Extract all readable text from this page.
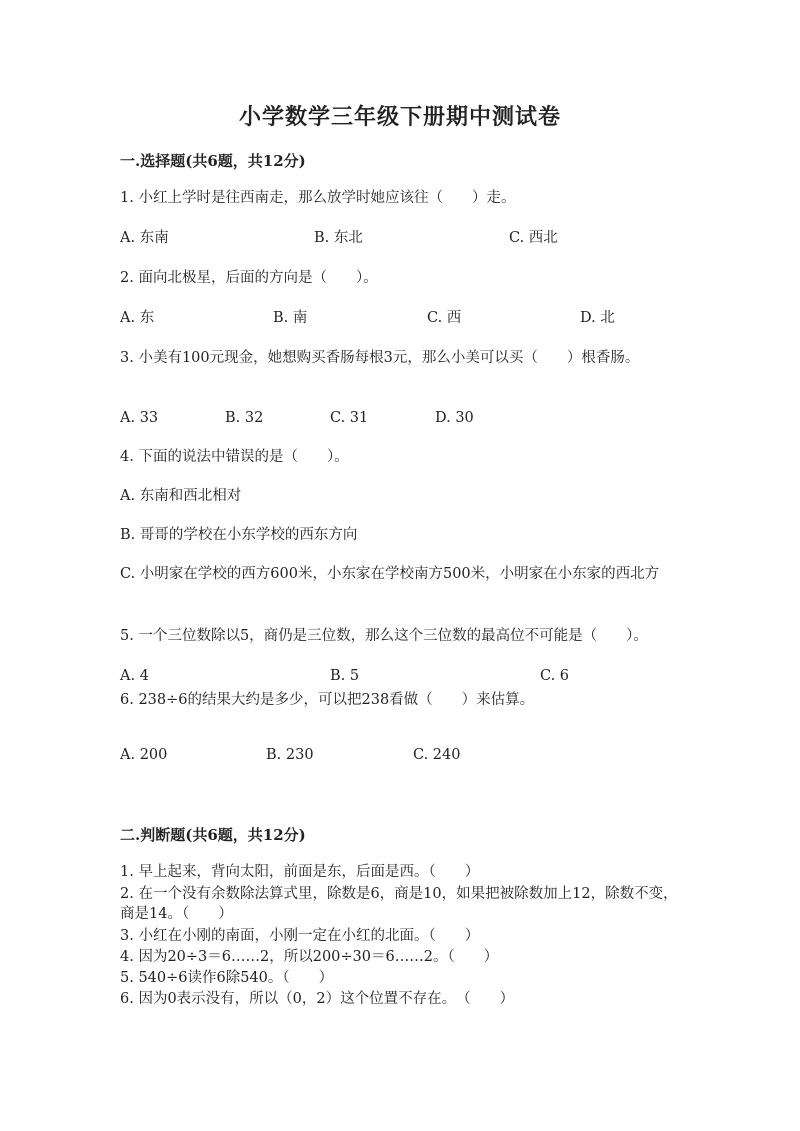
小学数学三年级下册期中测试卷
一.选择题(共6题，共12分)
1. 小红上学时是往西南走，那么放学时她应该往（　　）走。
A. 东南	B. 东北	C. 西北
2. 面向北极星，后面的方向是（　　）。
A. 东	B. 南	C. 西	D. 北
3. 小美有100元现金，她想购买香肠每根3元，那么小美可以买（　　）根香肠。
A. 33	B. 32	C. 31	D. 30
4. 下面的说法中错误的是（　　）。
A. 东南和西北相对
B. 哥哥的学校在小东学校的西东方向
C. 小明家在学校的西方600米，小东家在学校南方500米，小明家在小东家的西北方
5. 一个三位数除以5，商仍是三位数，那么这个三位数的最高位不可能是（　　）。
A. 4	B. 5	C. 6
6. 238÷6的结果大约是多少，可以把238看做（　　）来估算。
A. 200	B. 230	C. 240
二.判断题(共6题，共12分)
1. 早上起来，背向太阳，前面是东，后面是西。（　　）
2. 在一个没有余数除法算式里，除数是6，商是10，如果把被除数加上12，除数不变，商是14。（　　）
3. 小红在小刚的南面，小刚一定在小红的北面。（　　）
4. 因为20÷3＝6……2，所以200÷30＝6……2。（　　）
5. 540÷6读作6除540。（　　）
6. 因为0表示没有，所以（0，2）这个位置不存在。　（　　）
